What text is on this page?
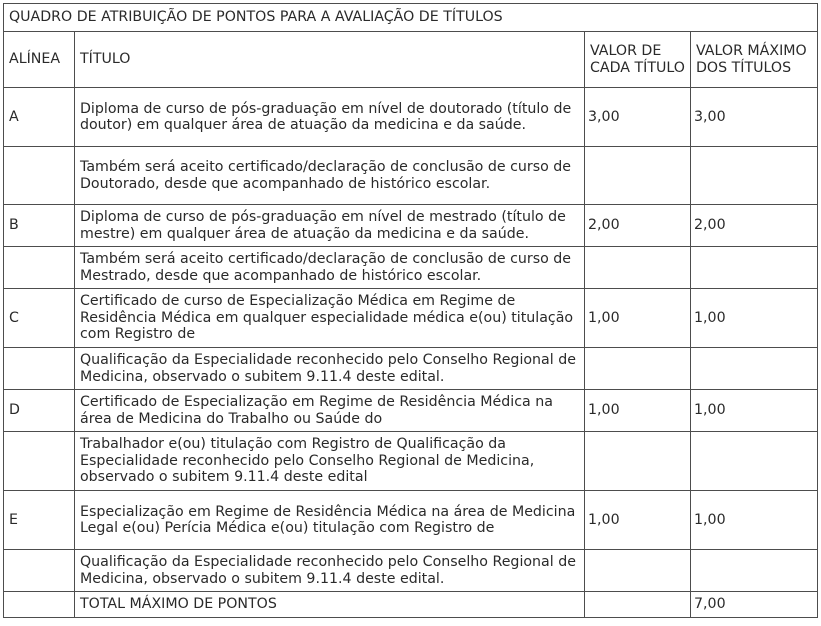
QUADRO DE ATRIBUIÇÃO DE PONTOS PARA A AVALIAÇÃO DE TÍTULOS			
ALÍNEA	TÍTULO	VALOR DE CADA TÍTULO	VALOR MÁXIMO DOS TÍTULOS
A	Diploma de curso de pós-graduação em nível de doutorado (título de doutor) em qualquer área de atuação da medicina e da saúde.	3,00	3,00
	Também será aceito certificado/declaração de conclusão de curso de Doutorado, desde que acompanhado de histórico escolar.		
B	Diploma de curso de pós-graduação em nível de mestrado (título de mestre) em qualquer área de atuação da medicina e da saúde.	2,00	2,00
	Também será aceito certificado/declaração de conclusão de curso de Mestrado, desde que acompanhado de histórico escolar.		
C	Certificado de curso de Especialização Médica em Regime de Residência Médica em qualquer especialidade médica e(ou) titulação com Registro de	1,00	1,00
	Qualificação da Especialidade reconhecido pelo Conselho Regional de Medicina, observado o subitem 9.11.4 deste edital.		
D	Certificado de Especialização em Regime de Residência Médica na área de Medicina do Trabalho ou Saúde do	1,00	1,00
	Trabalhador e(ou) titulação com Registro de Qualificação da Especialidade reconhecido pelo Conselho Regional de Medicina, observado o subitem 9.11.4 deste edital		
E	Especialização em Regime de Residência Médica na área de Medicina Legal e(ou) Perícia Médica e(ou) titulação com Registro de	1,00	1,00
	Qualificação da Especialidade reconhecido pelo Conselho Regional de Medicina, observado o subitem 9.11.4 deste edital.		
	TOTAL MÁXIMO DE PONTOS		7,00
